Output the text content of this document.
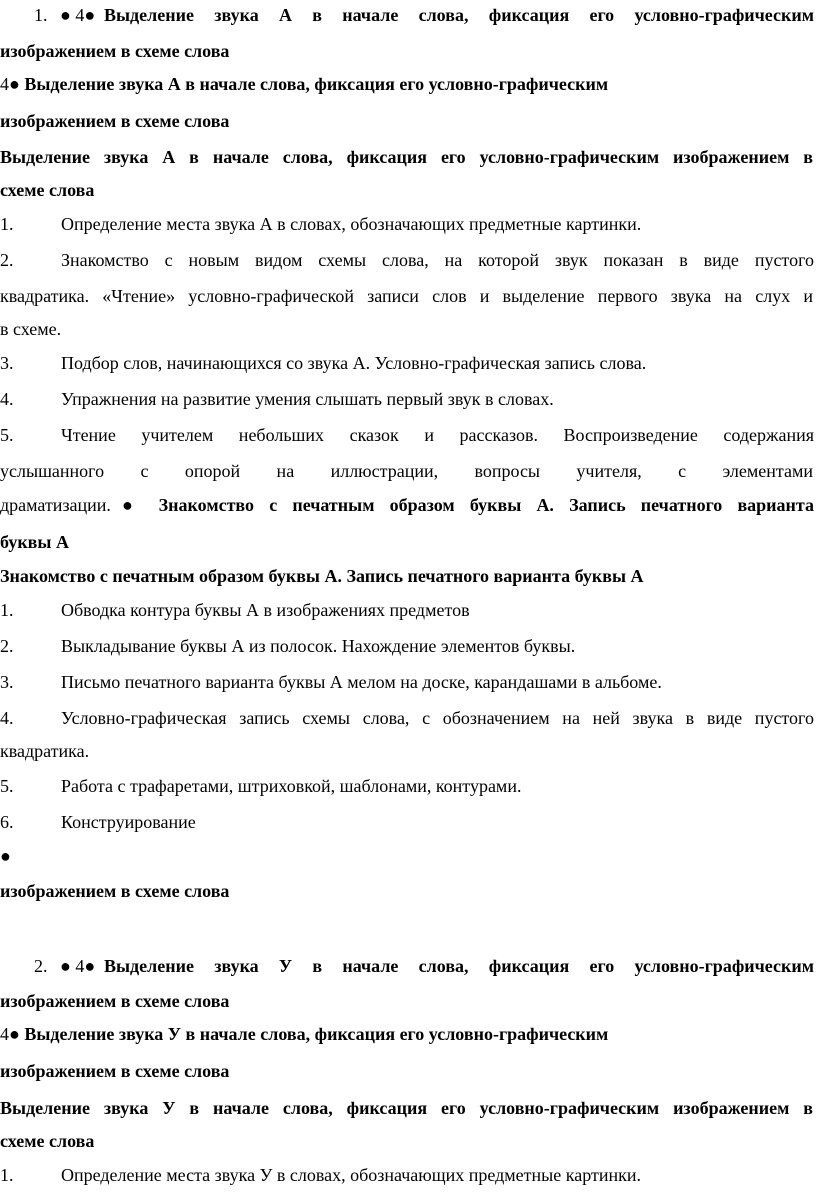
1. ● 4● Выделение звука А в начале слова, фиксация его условно-графическим
изображением в схеме слова
4● Выделение звука А в начале слова, фиксация его условно-графическим
изображением в схеме слова
Выделение звука А в начале слова, фиксация его условно-графическим изображением в
схеме слова
1.	Определение места звука А в словах, обозначающих предметные картинки.
2.	Знакомство с новым видом схемы слова, на которой звук показан в виде пустого
квадратика. «Чтение» условно-графической записи слов и выделение первого звука на слух и
в схеме.
3.	Подбор слов, начинающихся со звука А. Условно-графическая запись слова.
4.	Упражнения на развитие умения слышать первый звук в словах.
5.	Чтение учителем небольших сказок и рассказов. Воспроизведение содержания
услышанного с опорой на иллюстрации, вопросы учителя, с элементами
драматизации. ● Знакомство с печатным образом буквы А. Запись печатного варианта
буквы А
Знакомство с печатным образом буквы А. Запись печатного варианта буквы А
1.	Обводка контура буквы А в изображениях предметов
2.	Выкладывание буквы А из полосок. Нахождение элементов буквы.
3.	Письмо печатного варианта буквы А мелом на доске, карандашами в альбоме.
4.	Условно-графическая запись схемы слова, с обозначением на ней звука в виде пустого
квадратика.
5.	Работа с трафаретами, штриховкой, шаблонами, контурами.
6.	Конструирование
●
изображением в схеме слова
2. ● 4● Выделение звука У в начале слова, фиксация его условно-графическим
изображением в схеме слова
4● Выделение звука У в начале слова, фиксация его условно-графическим
изображением в схеме слова
Выделение звука У в начале слова, фиксация его условно-графическим изображением в
схеме слова
1.	Определение места звука У в словах, обозначающих предметные картинки.
